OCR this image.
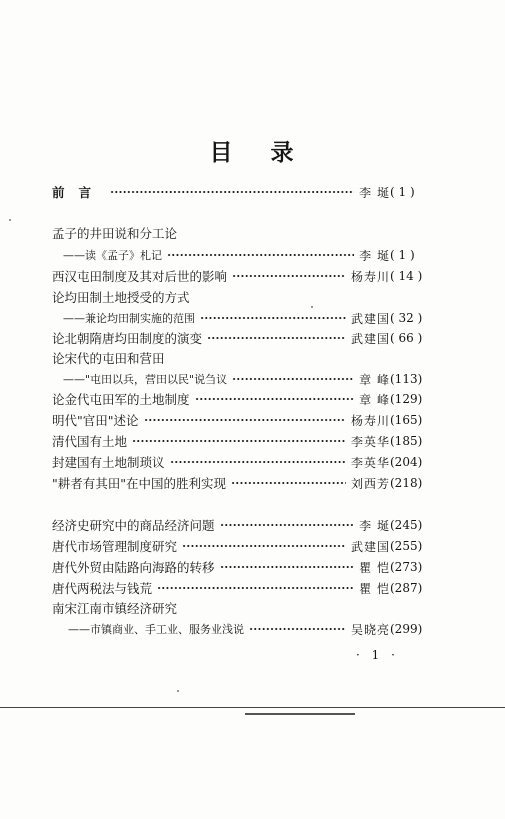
目 录
前言	李 埏 ( 1 )
孟子的井田说和分工论
——读《孟子》札记	李 埏 ( 1 )
西汉屯田制度及其对后世的影响	杨寿川 ( 14 )
论均田制土地授受的方式
——兼论均田制实施的范围	武建国 ( 32 )
论北朝隋唐均田制度的演变	武建国 ( 66 )
论宋代的屯田和营田
——"屯田以兵，营田以民"说刍议	章 峰 (113)
论金代屯田军的土地制度	章 峰 (129)
明代"官田"述论	杨寿川 (165)
清代国有土地	李英华 (185)
封建国有土地制琐议	李英华 (204)
"耕者有其田"在中国的胜利实现	刘西芳 (218)
经济史研究中的商品经济问题	李 埏 (245)
唐代市场管理制度研究	武建国 (255)
唐代外贸由陆路向海路的转移	瞿 恺 (273)
唐代两税法与钱荒	瞿 恺 (287)
南宋江南市镇经济研究
——市镇商业、手工业、服务业浅说	吴晓亮 (299)
· 1 ·
